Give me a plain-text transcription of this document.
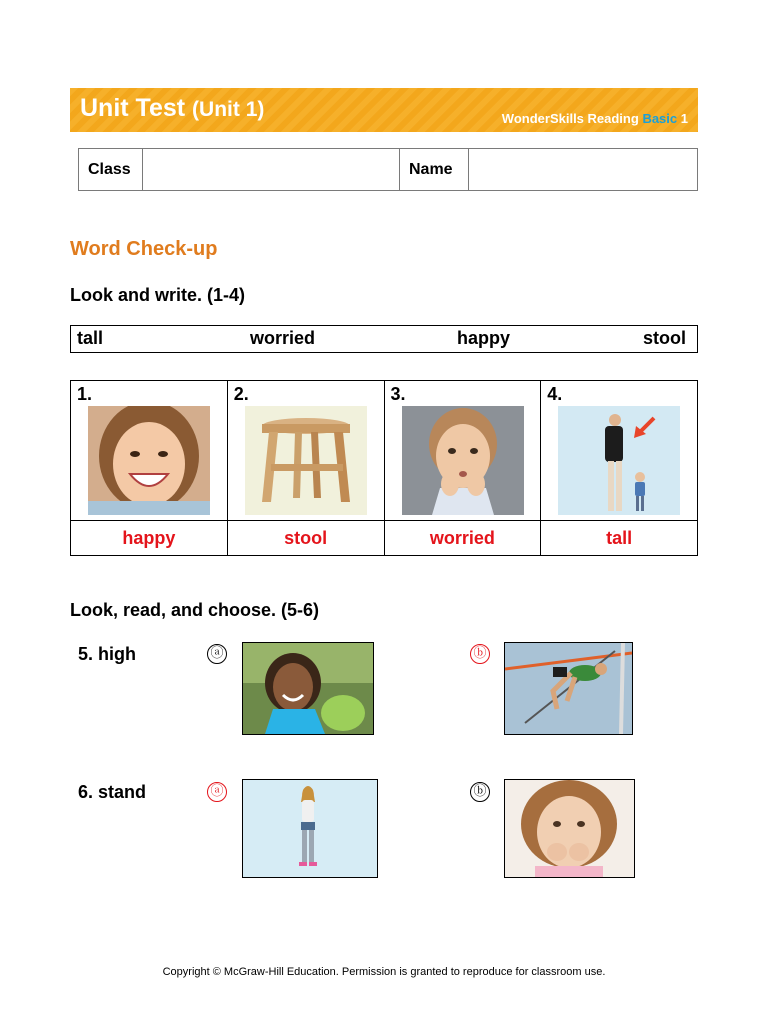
Unit Test (Unit 1)	WonderSkills Reading Basic 1
Class		Name	
Word Check-up
Look and write. (1-4)
tall	worried	happy	stool
1.	2.	3.	4.

happy	stool	worried	tall
Look, read, and choose. (5-6)
5. high	ⓐ	ⓑ
6. stand	ⓐ	ⓑ
Copyright © McGraw-Hill Education. Permission is granted to reproduce for classroom use.
